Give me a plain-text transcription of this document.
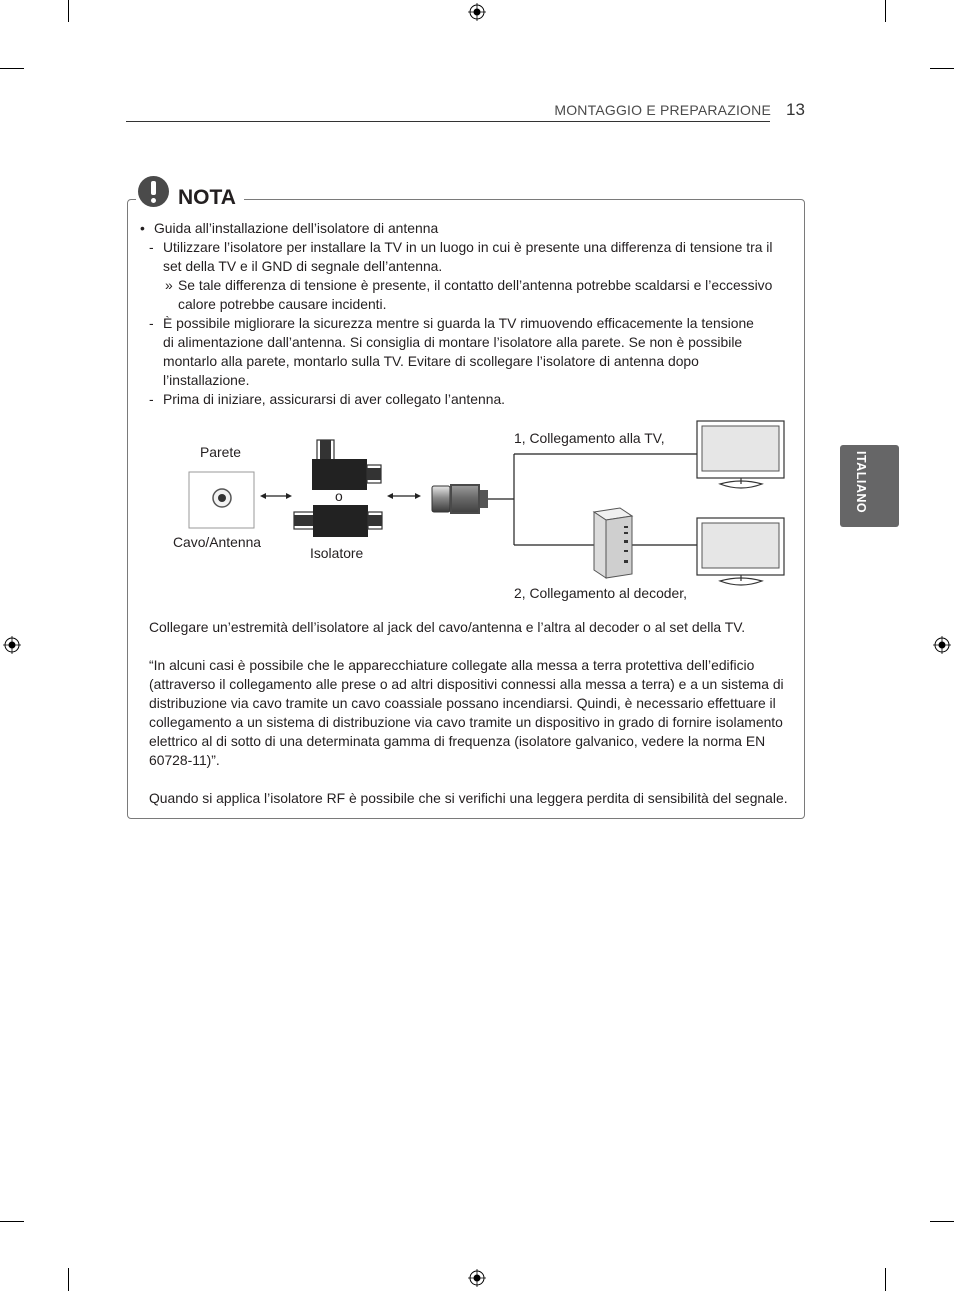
MONTAGGIO E PREPARAZIONE 13
ITALIANO
NOTA
• Guida all’installazione dell’isolatore di antenna
- Utilizzare l’isolatore per installare la TV in un luogo in cui è presente una differenza di tensione tra il
set della TV e il GND di segnale dell’antenna.
» Se tale differenza di tensione è presente, il contatto dell’antenna potrebbe scaldarsi e l’eccessivo
calore potrebbe causare incidenti.
- È possibile migliorare la sicurezza mentre si guarda la TV rimuovendo efficacemente la tensione
di alimentazione dall’antenna. Si consiglia di montare l’isolatore alla parete. Se non è possibile
montarlo alla parete, montarlo sulla TV. Evitare di scollegare l’isolatore di antenna dopo
l’installazione.
- Prima di iniziare, assicurarsi di aver collegato l’antenna.
Parete
Cavo/Antenna
o
Isolatore
1, Collegamento alla TV,
2, Collegamento al decoder,
Collegare un’estremità dell’isolatore al jack del cavo/antenna e l’altra al decoder o al set della TV.
“In alcuni casi è possibile che le apparecchiature collegate alla messa a terra protettiva dell’edificio
(attraverso il collegamento alle prese o ad altri dispositivi connessi alla messa a terra) e a un sistema di
distribuzione via cavo tramite un cavo coassiale possano incendiarsi. Quindi, è necessario effettuare il
collegamento a un sistema di distribuzione via cavo tramite un dispositivo in grado di fornire isolamento
elettrico al di sotto di una determinata gamma di frequenza (isolatore galvanico, vedere la norma EN
60728-11)”.
Quando si applica l’isolatore RF è possibile che si verifichi una leggera perdita di sensibilità del segnale.
